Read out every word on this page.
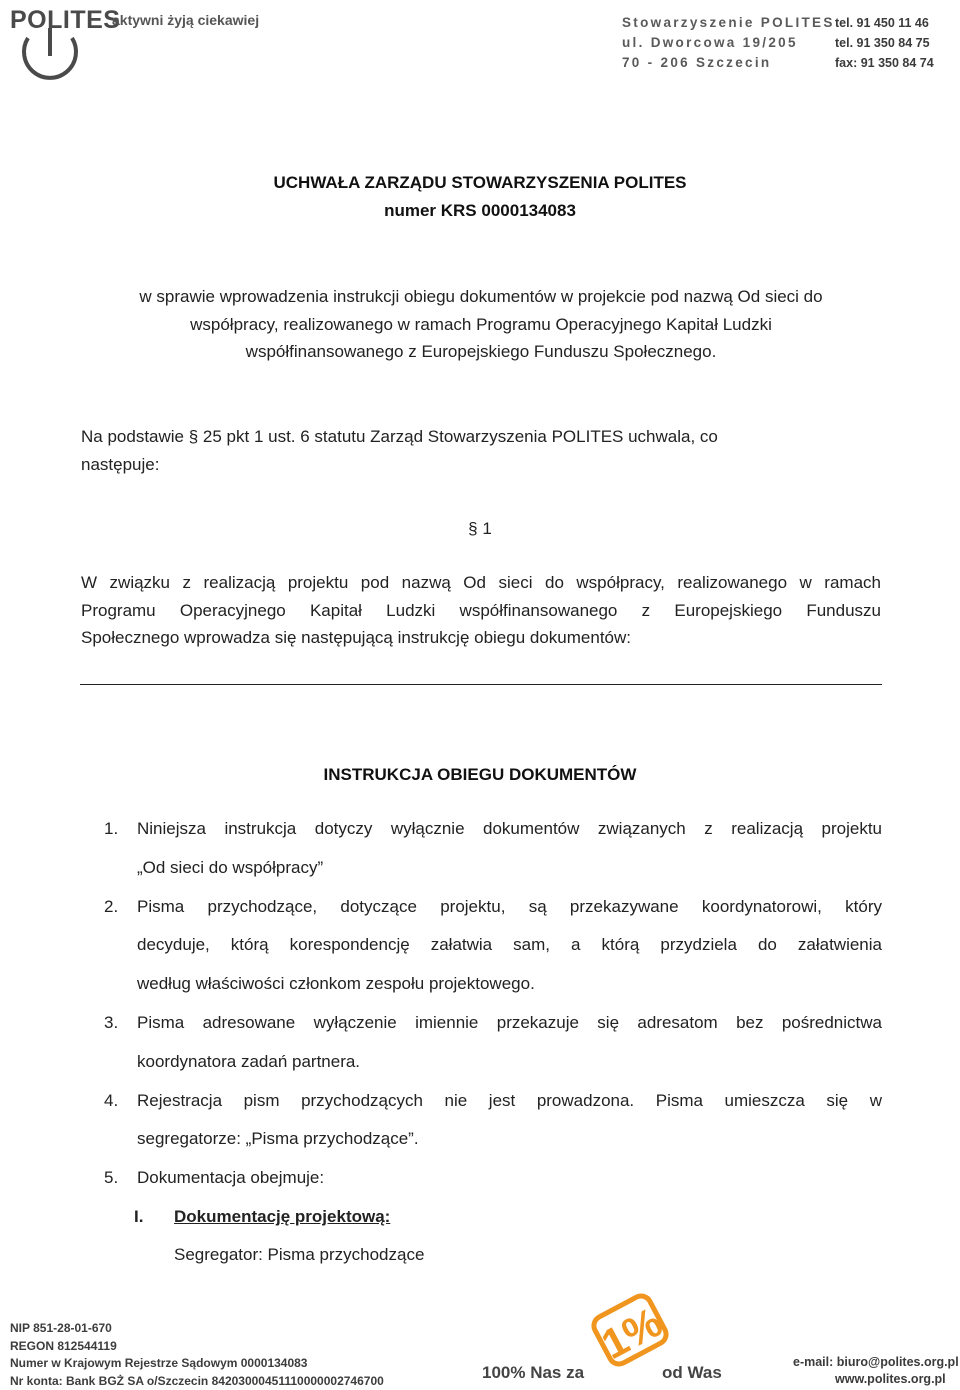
POLITES
aktywni żyją ciekawiej	Stowarzyszenie POLITES
ul. Dworcowa 19/205
70 - 206 Szczecin
tel. 91 450 11 46
tel. 91 350 84 75
fax: 91 350 84 74
UCHWAŁA ZARZĄDU STOWARZYSZENIA POLITES
numer KRS 0000134083
w sprawie wprowadzenia instrukcji obiegu dokumentów w projekcie pod nazwą Od sieci do
współpracy, realizowanego w ramach Programu Operacyjnego Kapitał Ludzki
współfinansowanego z Europejskiego Funduszu Społecznego.
Na podstawie § 25 pkt 1 ust. 6 statutu Zarząd Stowarzyszenia POLITES uchwala, co
następuje:
§ 1
W związku z realizacją projektu pod nazwą Od sieci do współpracy, realizowanego w ramach
Programu Operacyjnego Kapitał Ludzki współfinansowanego z Europejskiego Funduszu
Społecznego wprowadza się następującą instrukcję obiegu dokumentów:
INSTRUKCJA OBIEGU DOKUMENTÓW
1. Niniejsza instrukcja dotyczy wyłącznie dokumentów związanych z realizacją projektu
„Od sieci do współpracy”
2. Pisma przychodzące, dotyczące projektu, są przekazywane koordynatorowi, który
decyduje, którą korespondencję załatwia sam, a którą przydziela do załatwienia
według właściwości członkom zespołu projektowego.
3. Pisma adresowane wyłączenie imiennie przekazuje się adresatom bez pośrednictwa
koordynatora zadań partnera.
4. Rejestracja pism przychodzących nie jest prowadzona. Pisma umieszcza się w
segregatorze: „Pisma przychodzące”.
5. Dokumentacja obejmuje:
I. Dokumentację projektową:
Segregator: Pisma przychodzące
NIP 851-28-01-670
REGON 812544119
Numer w Krajowym Rejestrze Sądowym 0000134083
Nr konta: Bank BGŻ SA o/Szczecin 84203000451110000002746700
1%
100% Nas za	od Was
e-mail: biuro@polites.org.pl
www.polites.org.pl
